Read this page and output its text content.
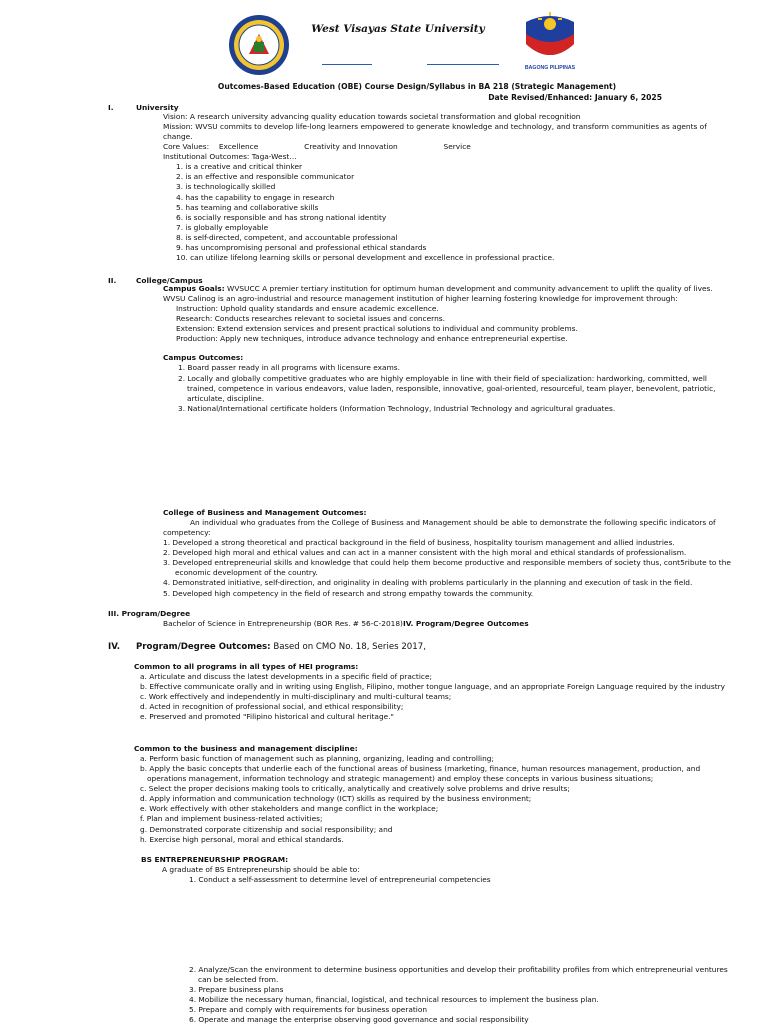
West Visayas State University
BAGONG PILIPINAS
Outcomes-Based Education (OBE) Course Design/Syllabus in BA 218 (Strategic Management)
Date Revised/Enhanced: January 6, 2025
I.	University

Vision: A research university advancing quality education towards societal transformation and global recognition

Mission: WVSU commits to develop life-long learners empowered to generate knowledge and technology, and transform communities as agents of change.

Core Values: Excellence	Creativity and Innovation	Service

Institutional Outcomes: Taga-West…

1. is a creative and critical thinker
2. is an effective and responsible communicator
3. is technologically skilled
4. has the capability to engage in research
5. has teaming and collaborative skills
6. is socially responsible and has strong national identity
7. is globally employable
8. is self-directed, competent, and accountable professional
9. has uncompromising personal and professional ethical standards
10. can utilize lifelong learning skills or personal development and excellence in professional practice.
II.	College/Campus

Campus Goals: WVSUCC A premier tertiary institution for optimum human development and community advancement to uplift the quality of lives.

WVSU Calinog is an agro-industrial and resource management institution of higher learning fostering knowledge for improvement through:

Instruction: Uphold quality standards and ensure academic excellence.

Research: Conducts researches relevant to societal issues and concerns.

Extension: Extend extension services and present practical solutions to individual and community problems.

Production: Apply new techniques, introduce advance technology and enhance entrepreneurial expertise.

Campus Outcomes:

1. Board passer ready in all programs with licensure exams.
2. Locally and globally competitive graduates who are highly employable in line with their field of specialization: hardworking, committed, well trained, competence in various endeavors, value laden, responsible, innovative, goal-oriented, resourceful, team player, benevolent, patriotic, articulate, discipline.
3. National/International certificate holders (Information Technology, Industrial Technology and agricultural graduates.

College of Business and Management Outcomes:

An individual who graduates from the College of Business and Management should be able to demonstrate the following specific indicators of competency:

1. Developed a strong theoretical and practical background in the field of business, hospitality tourism management and allied industries.
2. Developed high moral and ethical values and can act in a manner consistent with the high moral and ethical standards of professionalism.
3. Developed entrepreneurial skills and knowledge that could help them become productive and responsible members of society thus, cont5ribute to the economic development of the country.
4. Demonstrated initiative, self-direction, and originality in dealing with problems particularly in the planning and execution of task in the field.
5. Developed high competency in the field of research and strong empathy towards the community.

III. Program/Degree

Bachelor of Science in Entrepreneurship (BOR Res. # 56-C-2018)IV. Program/Degree Outcomes

IV. Program/Degree Outcomes: Based on CMO No. 18, Series 2017,

Common to all programs in all types of HEI programs:

a. Articulate and discuss the latest developments in a specific field of practice;
b. Effective communicate orally and in writing using English, Filipino, mother tongue language, and an appropriate Foreign Language required by the industry
c. Work effectively and independently in multi-disciplinary and multi-cultural teams;
d. Acted in recognition of professional social, and ethical responsibility;
e. Preserved and promoted "Filipino historical and cultural heritage."

Common to the business and management discipline:

a. Perform basic function of management such as planning, organizing, leading and controlling;
b. Apply the basic concepts that underlie each of the functional areas of business (marketing, finance, human resources management, production, and operations management, information technology and strategic management) and employ these concepts in various business situations;
c. Select the proper decisions making tools to critically, analytically and creatively solve problems and drive results;
d. Apply information and communication technology (ICT) skills as required by the business environment;
e. Work effectively with other stakeholders and mange conflict in the workplace;
f. Plan and implement business-related activities;
g. Demonstrated corporate citizenship and social responsibility; and
h. Exercise high personal, moral and ethical standards.

BS ENTREPRENEURSHIP PROGRAM:

A graduate of BS Entrepreneurship should be able to:

1. Conduct a self-assessment to determine level of entrepreneurial competencies
2. Analyze/Scan the environment to determine business opportunities and develop their profitability profiles from which entrepreneurial ventures can be selected from.
3. Prepare business plans
4. Mobilize the necessary human, financial, logistical, and technical resources to implement the business plan.
5. Prepare and comply with requirements for business operation
6. Operate and manage the enterprise observing good governance and social responsibility
